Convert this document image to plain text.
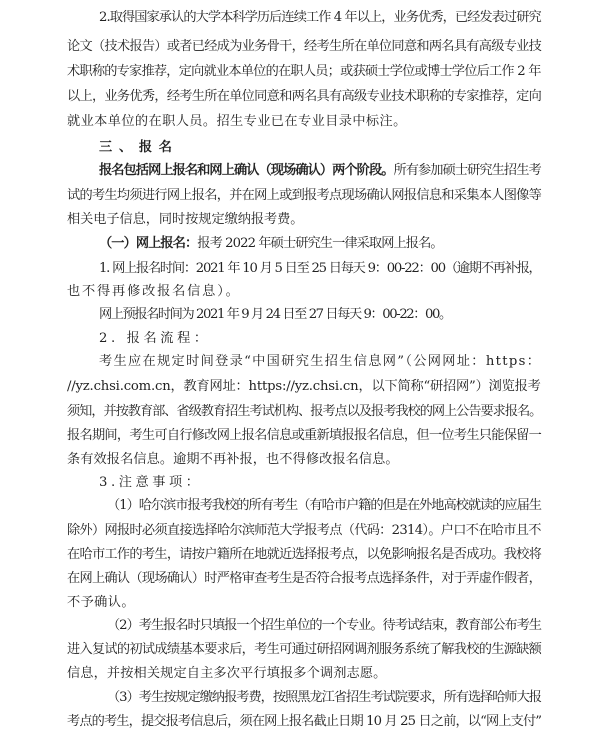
2.取得国家承认的大学本科学历后连续工作 4 年以上，业务优秀，已经发表过研究
论文（技术报告）或者已经成为业务骨干，经考生所在单位同意和两名具有高级专业技
术职称的专家推荐，定向就业本单位的在职人员；或获硕士学位或博士学位后工作 2 年
以上，业务优秀，经考生所在单位同意和两名具有高级专业技术职称的专家推荐，定向
就业本单位的在职人员。招生专业已在专业目录中标注。
三、报名
报名包括网上报名和网上确认（现场确认）两个阶段。所有参加硕士研究生招生考
试的考生均须进行网上报名，并在网上或到报考点现场确认网报信息和采集本人图像等
相关电子信息，同时按规定缴纳报考费。
（一）网上报名：报考 2022 年硕士研究生一律采取网上报名。
1. 网上报名时间：2021 年 10 月 5 日至 25 日每天 9：00-22：00（逾期不再补报，
也不得再修改报名信息）。
网上预报名时间为 2021 年 9 月 24 日至 27 日每天 9：00-22：00。
2. 报名流程：
考生应在规定时间登录“中国研究生招生信息网”（公网网址：https：
//yz.chsi.com.cn，教育网址：https://yz.chsi.cn，以下简称“研招网”）浏览报考
须知，并按教育部、省级教育招生考试机构、报考点以及报考我校的网上公告要求报名。
报名期间，考生可自行修改网上报名信息或重新填报报名信息，但一位考生只能保留一
条有效报名信息。逾期不再补报，也不得修改报名信息。
3.注意事项：
（1）哈尔滨市报考我校的所有考生（有哈市户籍的但是在外地高校就读的应届生
除外）网报时必须直接选择哈尔滨师范大学报考点（代码：2314）。户口不在哈市且不
在哈市工作的考生，请按户籍所在地就近选择报考点，以免影响报名是否成功。我校将
在网上确认（现场确认）时严格审查考生是否符合报考点选择条件，对于弄虚作假者，
不予确认。
（2）考生报名时只填报一个招生单位的一个专业。待考试结束，教育部公布考生
进入复试的初试成绩基本要求后，考生可通过研招网调剂服务系统了解我校的生源缺额
信息，并按相关规定自主多次平行填报多个调剂志愿。
（3）考生按规定缴纳报考费，按照黑龙江省招生考试院要求，所有选择哈师大报
考点的考生，提交报考信息后，须在网上报名截止日期 10 月 25 日之前，以“网上支付”
